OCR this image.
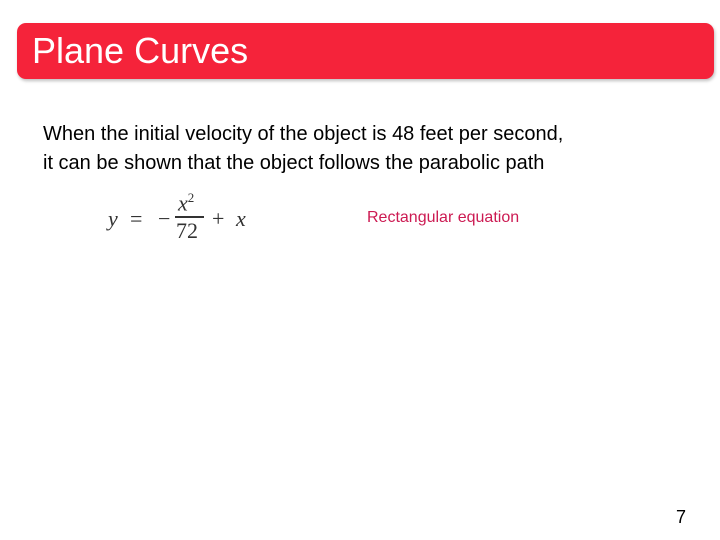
Plane Curves
When the initial velocity of the object is 48 feet per second,
it can be shown that the object follows the parabolic path
y = −
$x^2$
72 + x	Rectangular equation
7
